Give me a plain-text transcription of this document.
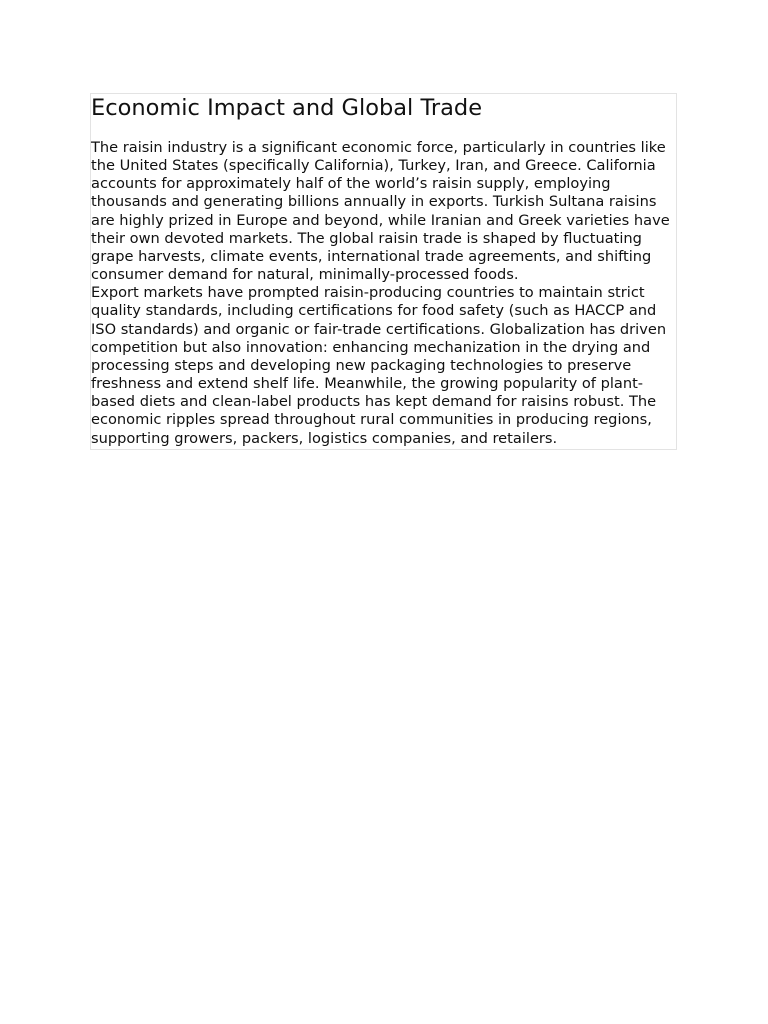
Economic Impact and Global Trade

The raisin industry is a significant economic force, particularly in countries like the United States (specifically California), Turkey, Iran, and Greece. California accounts for approximately half of the world’s raisin supply, employing thousands and generating billions annually in exports. Turkish Sultana raisins are highly prized in Europe and beyond, while Iranian and Greek varieties have their own devoted markets. The global raisin trade is shaped by fluctuating grape harvests, climate events, international trade agreements, and shifting consumer demand for natural, minimally-processed foods.

Export markets have prompted raisin-producing countries to maintain strict quality standards, including certifications for food safety (such as HACCP and ISO standards) and organic or fair-trade certifications. Globalization has driven competition but also innovation: enhancing mechanization in the drying and processing steps and developing new packaging technologies to preserve freshness and extend shelf life. Meanwhile, the growing popularity of plant-based diets and clean-label products has kept demand for raisins robust. The economic ripples spread throughout rural communities in producing regions, supporting growers, packers, logistics companies, and retailers.
